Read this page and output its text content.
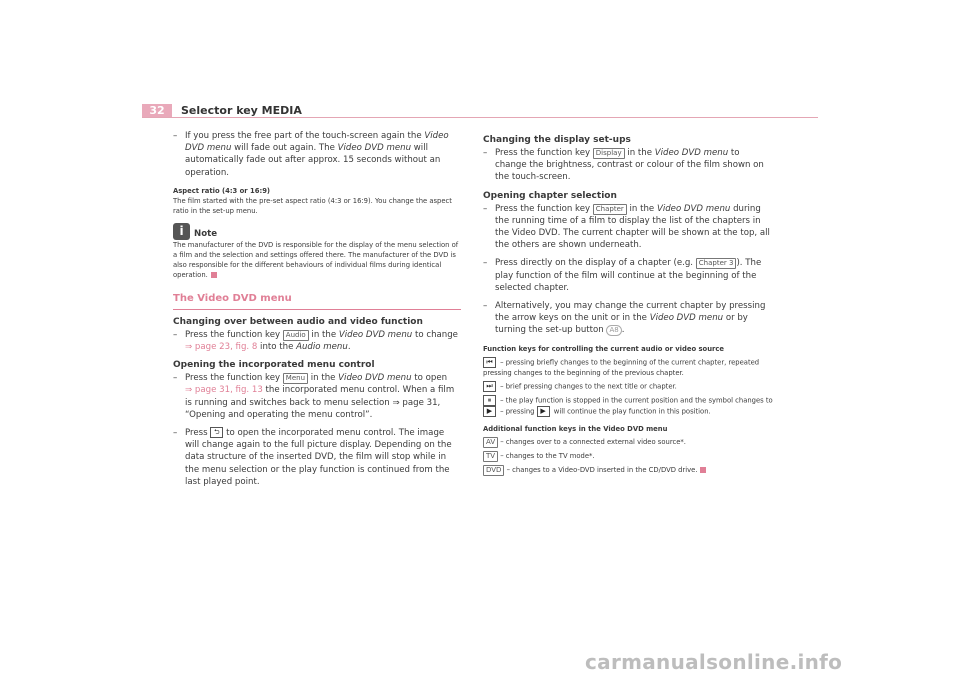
32	Selector key MEDIA
– If you press the free part of the touch-screen again the Video DVD menu will fade out again. The Video DVD menu will automatically fade out after approx. 15 seconds without an operation.
Aspect ratio (4:3 or 16:9)
The film started with the pre-set aspect ratio (4:3 or 16:9). You change the aspect ratio in the set-up menu.
i	Note
The manufacturer of the DVD is responsible for the display of the menu selection of a film and the selection and settings offered there. The manufacturer of the DVD is also responsible for the different behaviours of individual films during identical operation.
The Video DVD menu
Changing over between audio and video function
– Press the function key Audio in the Video DVD menu to change
⇒ page 23, fig. 8 into the Audio menu.
Opening the incorporated menu control
– Press the function key Menu in the Video DVD menu to open
⇒ page 31, fig. 13 the incorporated menu control. When a film is running and switches back to menu selection ⇒ page 31, “Opening and operating the menu control”.
– Press ⮌ to open the incorporated menu control. The image will change again to the full picture display. Depending on the data structure of the inserted DVD, the film will stop while in the menu selection or the play function is continued from the last played point.
Changing the display set-ups
– Press the function key Display in the Video DVD menu to change the brightness, contrast or colour of the film shown on the touch-screen.
Opening chapter selection
– Press the function key Chapter in the Video DVD menu during the running time of a film to display the list of the chapters in the Video DVD. The current chapter will be shown at the top, all the others are shown underneath.
– Press directly on the display of a chapter (e.g. Chapter 3 ). The play function of the film will continue at the beginning of the selected chapter.
– Alternatively, you may change the current chapter by pressing the arrow keys on the unit or in the Video DVD menu or by turning the set-up button A8 .
Function keys for controlling the current audio or video source
⏮ – pressing briefly changes to the beginning of the current chapter, repeated pressing changes to the beginning of the previous chapter.
⏭ – brief pressing changes to the next title or chapter.
⏸ – the play function is stopped in the current position and the symbol changes to
▶ – pressing ▶ will continue the play function in this position.
Additional function keys in the Video DVD menu
AV – changes over to a connected external video source*.
TV – changes to the TV mode*.
DVD – changes to a Video-DVD inserted in the CD/DVD drive.
carmanualsonline.info
